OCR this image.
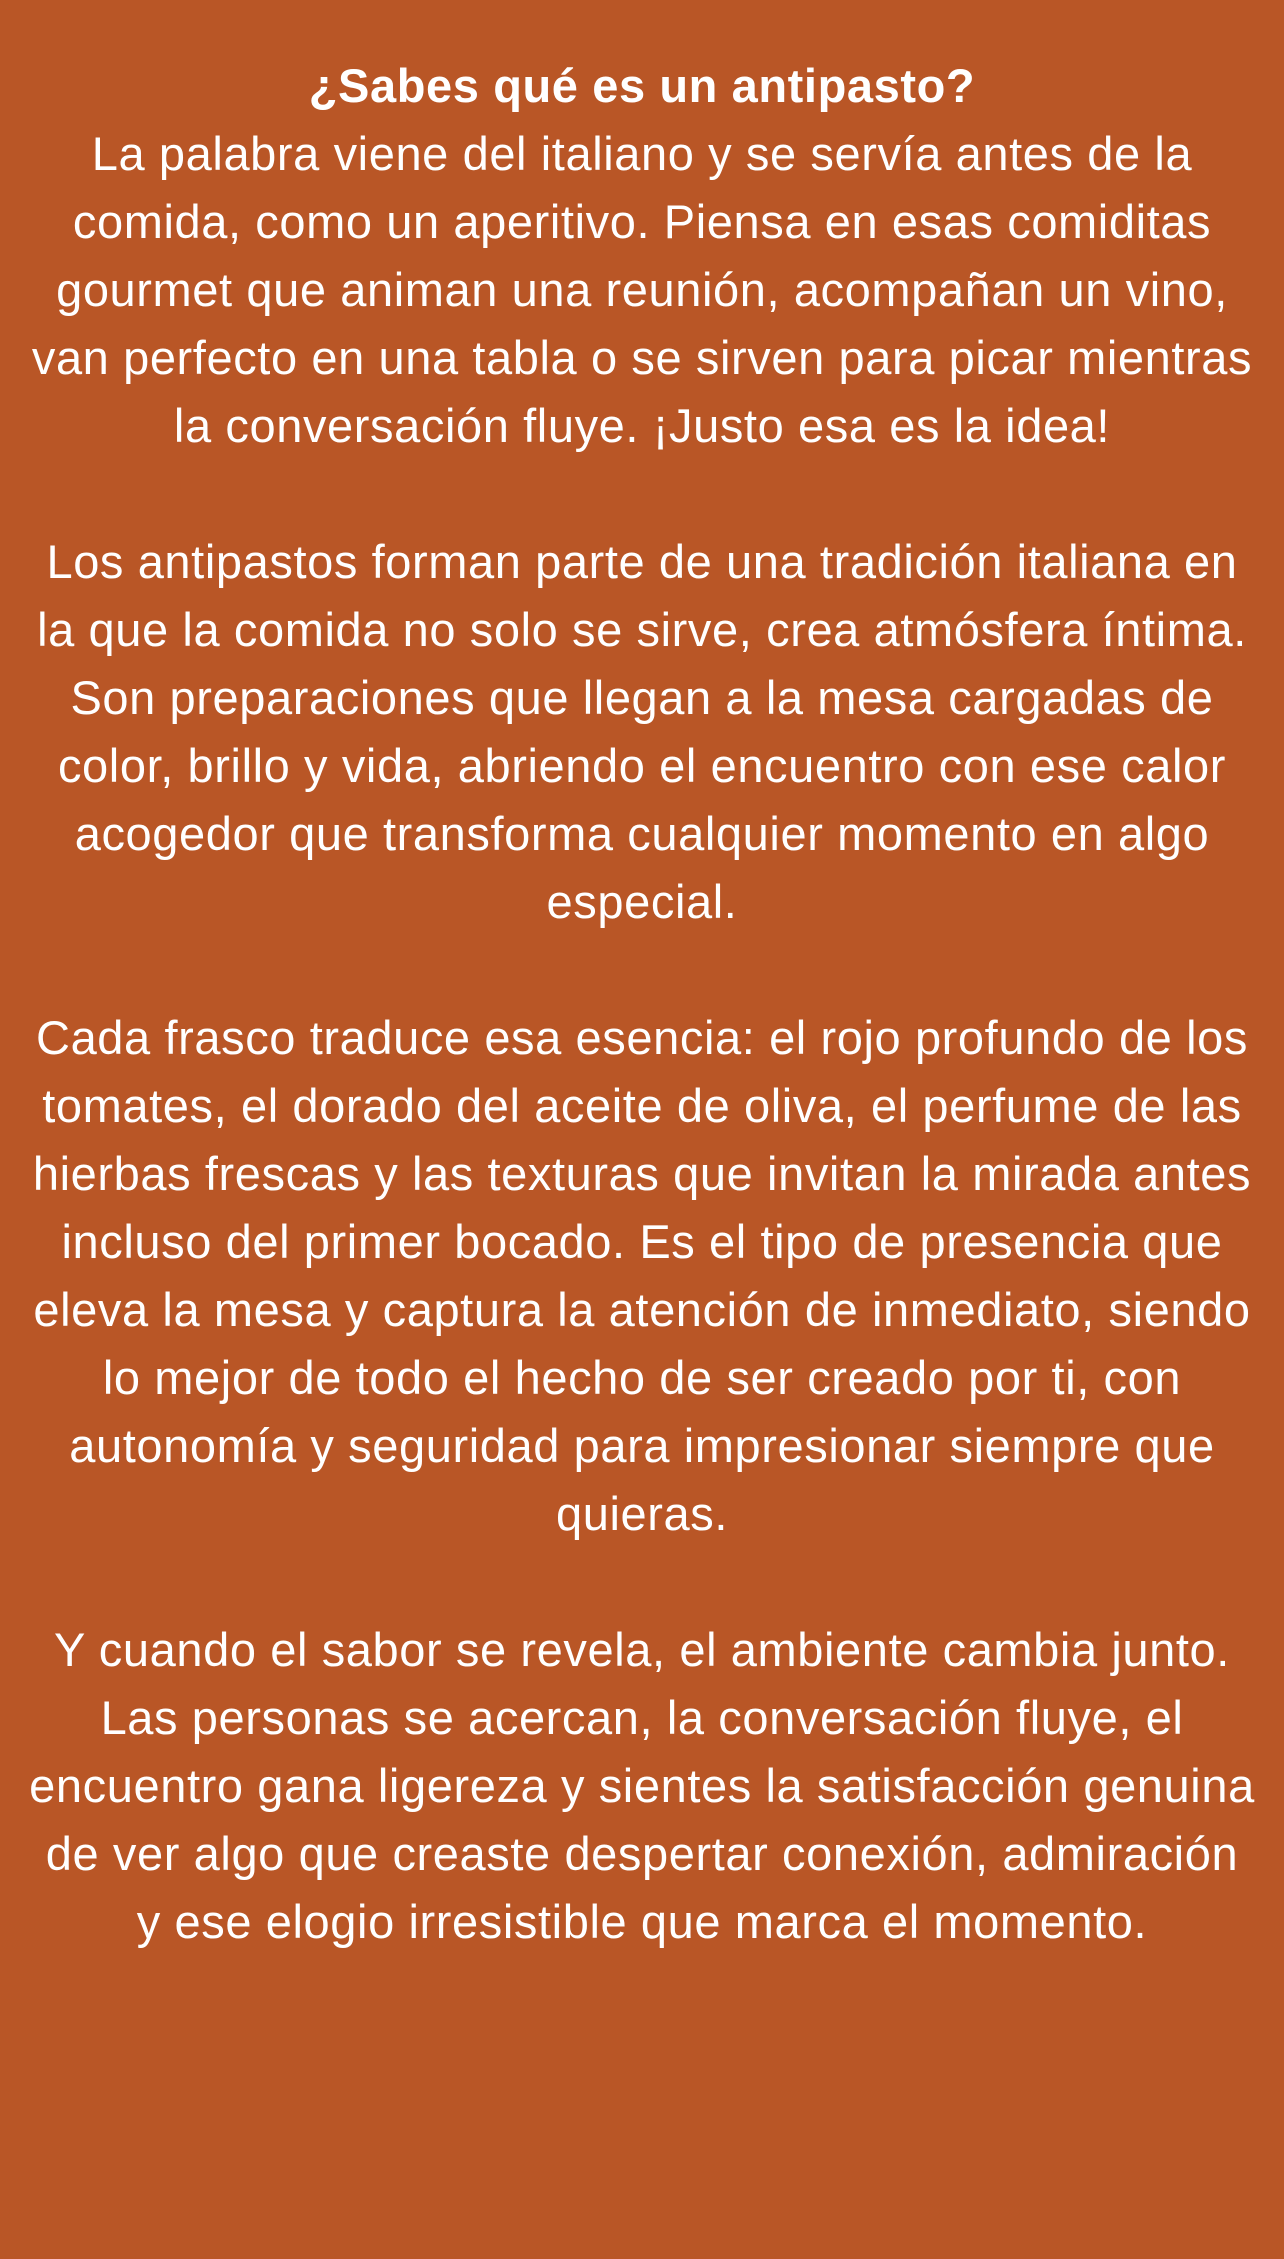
¿Sabes qué es un antipasto?
La palabra viene del italiano y se servía antes de la comida, como un aperitivo. Piensa en esas comiditas gourmet que animan una reunión, acompañan un vino, van perfecto en una tabla o se sirven para picar mientras la conversación fluye. ¡Justo esa es la idea!

Los antipastos forman parte de una tradición italiana en la que la comida no solo se sirve, crea atmósfera íntima. Son preparaciones que llegan a la mesa cargadas de color, brillo y vida, abriendo el encuentro con ese calor acogedor que transforma cualquier momento en algo especial.

Cada frasco traduce esa esencia: el rojo profundo de los tomates, el dorado del aceite de oliva, el perfume de las hierbas frescas y las texturas que invitan la mirada antes incluso del primer bocado. Es el tipo de presencia que eleva la mesa y captura la atención de inmediato, siendo lo mejor de todo el hecho de ser creado por ti, con autonomía y seguridad para impresionar siempre que quieras.

Y cuando el sabor se revela, el ambiente cambia junto. Las personas se acercan, la conversación fluye, el encuentro gana ligereza y sientes la satisfacción genuina de ver algo que creaste despertar conexión, admiración y ese elogio irresistible que marca el momento.
